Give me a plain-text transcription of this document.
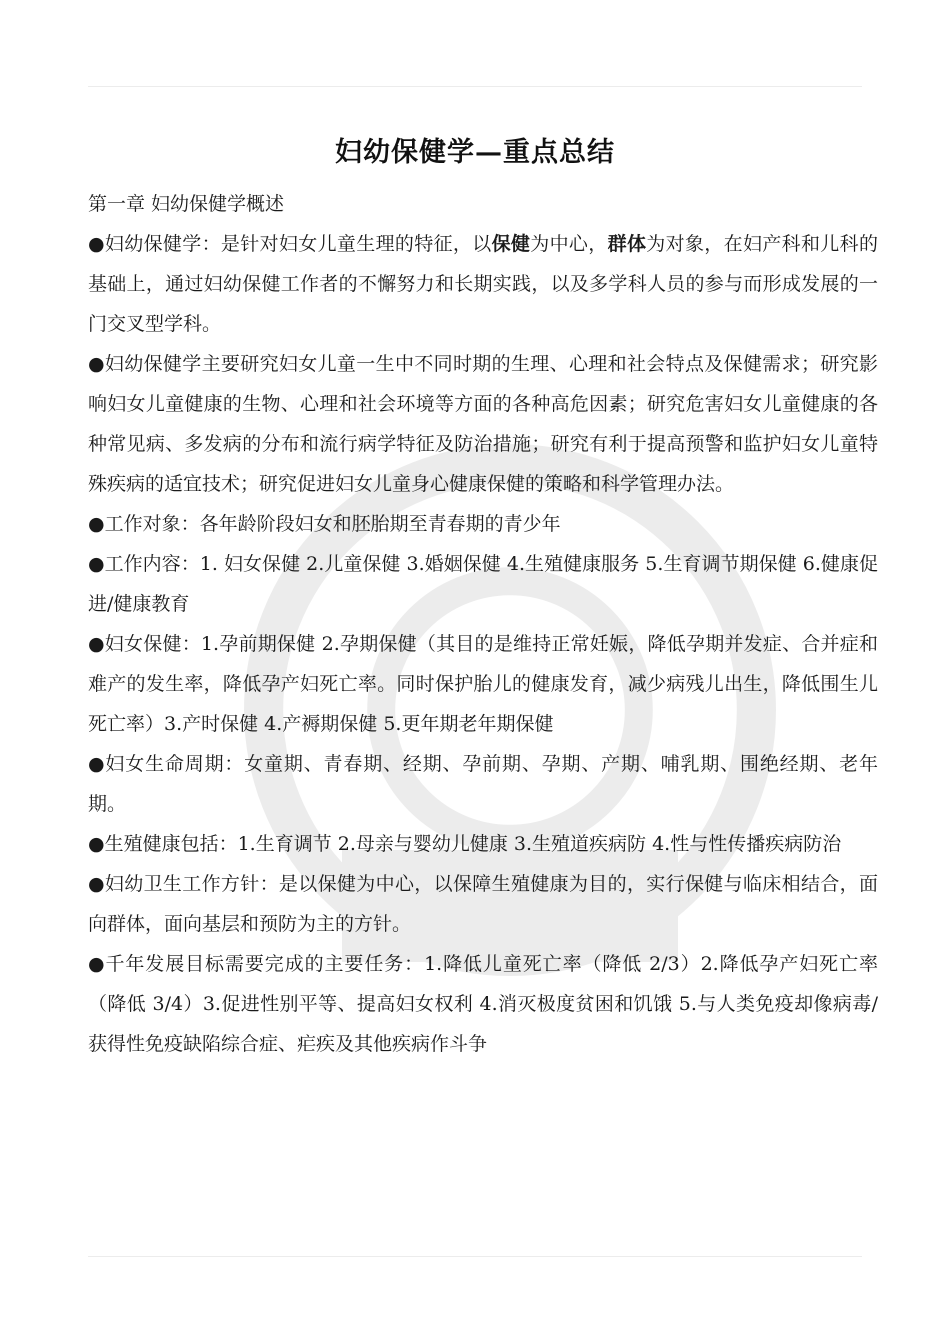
妇幼保健学—重点总结
第一章 妇幼保健学概述

●妇幼保健学：是针对妇女儿童生理的特征，以保健为中心，群体为对象，在妇产科和儿科的基础上，通过妇幼保健工作者的不懈努力和长期实践，以及多学科人员的参与而形成发展的一门交叉型学科。

●妇幼保健学主要研究妇女儿童一生中不同时期的生理、心理和社会特点及保健需求；研究影响妇女儿童健康的生物、心理和社会环境等方面的各种高危因素；研究危害妇女儿童健康的各种常见病、多发病的分布和流行病学特征及防治措施；研究有利于提高预警和监护妇女儿童特殊疾病的适宜技术；研究促进妇女儿童身心健康保健的策略和科学管理办法。

●工作对象：各年龄阶段妇女和胚胎期至青春期的青少年

●工作内容：1. 妇女保健 2.儿童保健 3.婚姻保健 4.生殖健康服务 5.生育调节期保健 6.健康促进/健康教育

●妇女保健：1.孕前期保健 2.孕期保健（其目的是维持正常妊娠，降低孕期并发症、合并症和难产的发生率，降低孕产妇死亡率。同时保护胎儿的健康发育，减少病残儿出生，降低围生儿死亡率）3.产时保健 4.产褥期保健 5.更年期老年期保健

●妇女生命周期：女童期、青春期、经期、孕前期、孕期、产期、哺乳期、围绝经期、老年期。

●生殖健康包括：1.生育调节 2.母亲与婴幼儿健康 3.生殖道疾病防 4.性与性传播疾病防治

●妇幼卫生工作方针：是以保健为中心，以保障生殖健康为目的，实行保健与临床相结合，面向群体，面向基层和预防为主的方针。

●千年发展目标需要完成的主要任务：1.降低儿童死亡率（降低 2/3）2.降低孕产妇死亡率（降低 3/4）3.促进性别平等、提高妇女权利 4.消灭极度贫困和饥饿 5.与人类免疫却像病毒/获得性免疫缺陷综合症、疟疾及其他疾病作斗争
